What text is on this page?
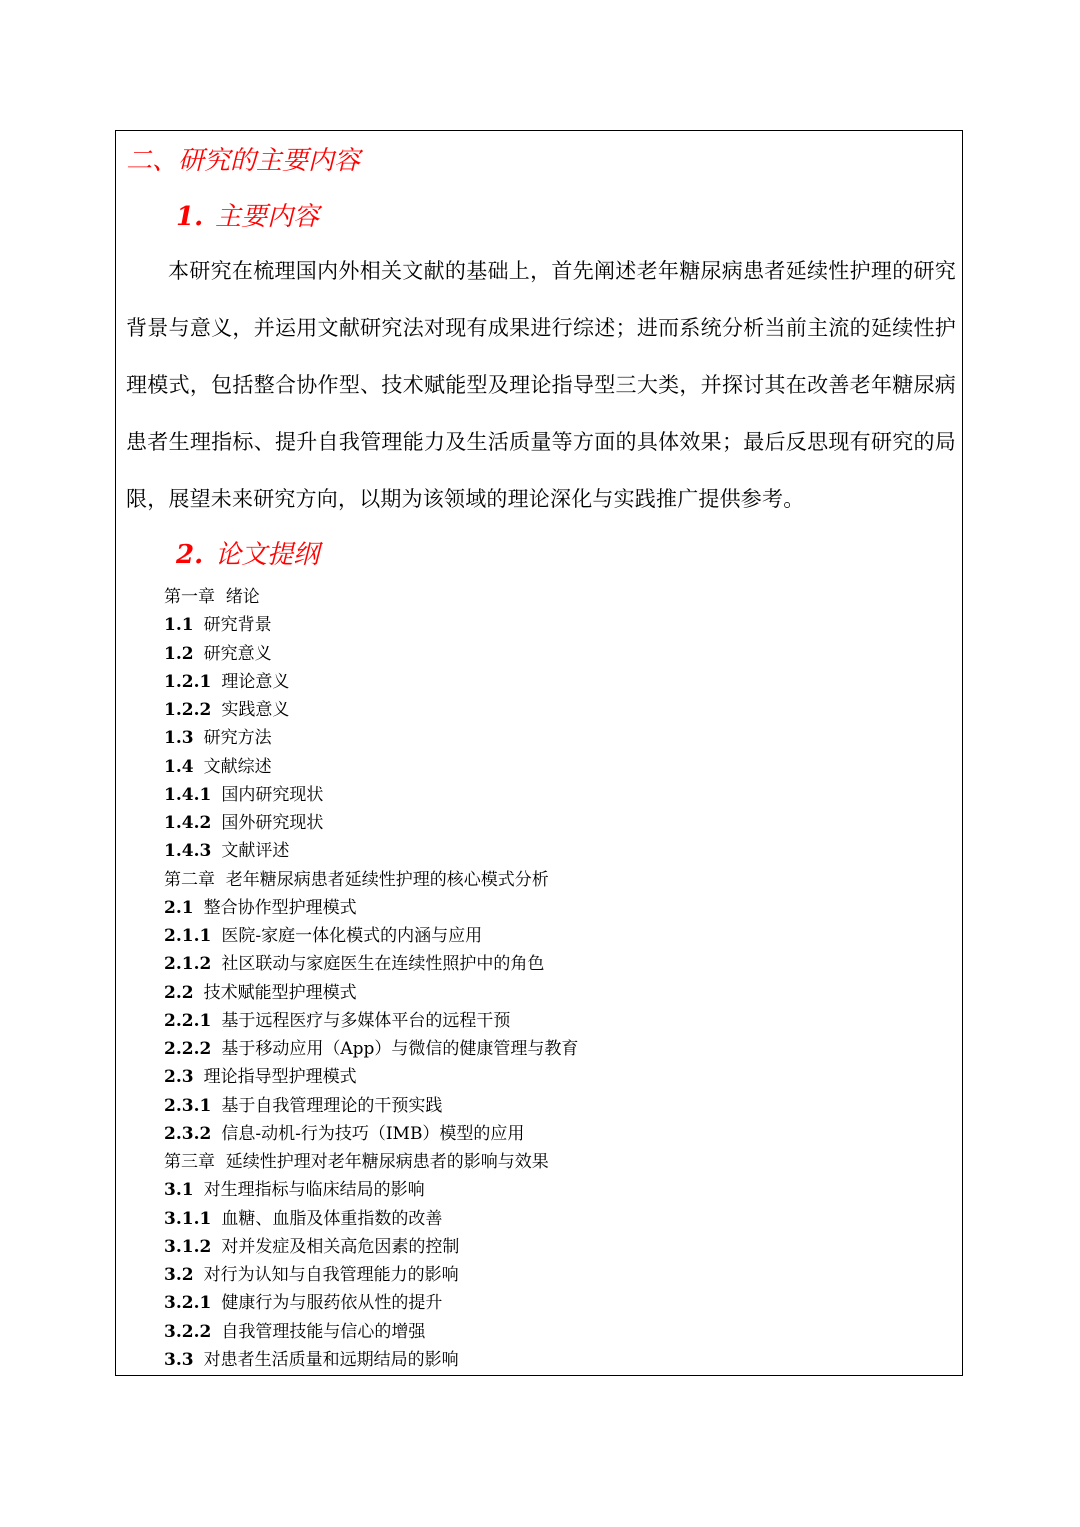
二、研究的主要内容
1. 主要内容
本研究在梳理国内外相关文献的基础上，首先阐述老年糖尿病患者延续性护理的研究背景与意义，并运用文献研究法对现有成果进行综述；进而系统分析当前主流的延续性护理模式，包括整合协作型、技术赋能型及理论指导型三大类，并探讨其在改善老年糖尿病患者生理指标、提升自我管理能力及生活质量等方面的具体效果；最后反思现有研究的局限，展望未来研究方向，以期为该领域的理论深化与实践推广提供参考。
2. 论文提纲
第一章  绪论
1.1 研究背景
1.2 研究意义
1.2.1 理论意义
1.2.2 实践意义
1.3 研究方法
1.4 文献综述
1.4.1 国内研究现状
1.4.2 国外研究现状
1.4.3 文献评述
第二章  老年糖尿病患者延续性护理的核心模式分析
2.1 整合协作型护理模式
2.1.1 医院-家庭一体化模式的内涵与应用
2.1.2 社区联动与家庭医生在连续性照护中的角色
2.2 技术赋能型护理模式
2.2.1 基于远程医疗与多媒体平台的远程干预
2.2.2 基于移动应用（App）与微信的健康管理与教育
2.3 理论指导型护理模式
2.3.1 基于自我管理理论的干预实践
2.3.2 信息-动机-行为技巧（IMB）模型的应用
第三章  延续性护理对老年糖尿病患者的影响与效果
3.1 对生理指标与临床结局的影响
3.1.1 血糖、血脂及体重指数的改善
3.1.2 对并发症及相关高危因素的控制
3.2 对行为认知与自我管理能力的影响
3.2.1 健康行为与服药依从性的提升
3.2.2 自我管理技能与信心的增强
3.3 对患者生活质量和远期结局的影响
